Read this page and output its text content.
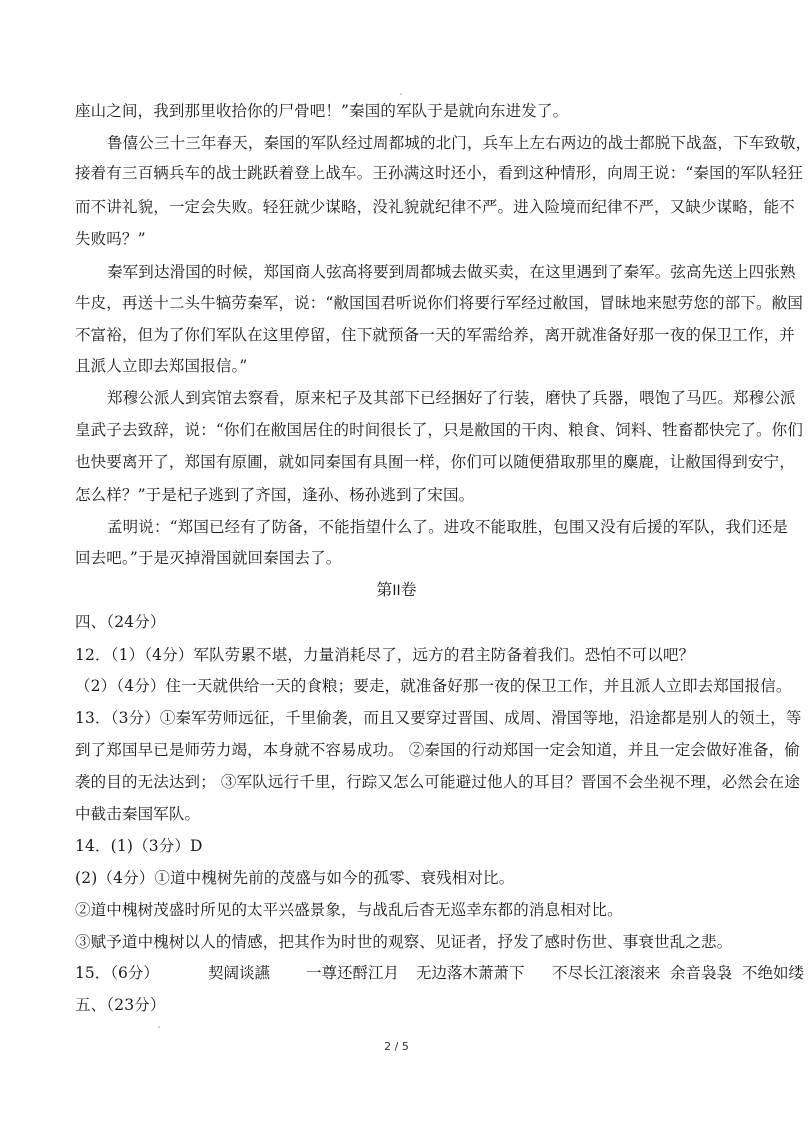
座山之间，我到那里收拾你的尸骨吧！”秦国的军队于是就向东进发了。
鲁僖公三十三年春天，秦国的军队经过周都城的北门，兵车上左右两边的战士都脱下战盔，下车致敬，
接着有三百辆兵车的战士跳跃着登上战车。王孙满这时还小，看到这种情形，向周王说：“秦国的军队轻狂
而不讲礼貌，一定会失败。轻狂就少谋略，没礼貌就纪律不严。进入险境而纪律不严，又缺少谋略，能不
失败吗？”
秦军到达滑国的时候，郑国商人弦高将要到周都城去做买卖，在这里遇到了秦军。弦高先送上四张熟
牛皮，再送十二头牛犒劳秦军，说：“敝国国君听说你们将要行军经过敝国，冒昧地来慰劳您的部下。敝国
不富裕，但为了你们军队在这里停留，住下就预备一天的军需给养，离开就准备好那一夜的保卫工作，并
且派人立即去郑国报信。”
郑穆公派人到宾馆去察看，原来杞子及其部下已经捆好了行装，磨快了兵器，喂饱了马匹。郑穆公派
皇武子去致辞，说：“你们在敝国居住的时间很长了，只是敝国的干肉、粮食、饲料、牲畜都快完了。你们
也快要离开了，郑国有原圃，就如同秦国有具囿一样，你们可以随便猎取那里的麋鹿，让敝国得到安宁，
怎么样？”于是杞子逃到了齐国，逢孙、杨孙逃到了宋国。
孟明说：“郑国已经有了防备，不能指望什么了。进攻不能取胜，包围又没有后援的军队，我们还是
回去吧。”于是灭掉滑国就回秦国去了。
第II卷
四、（24分）
12．（1）（4分）军队劳累不堪，力量消耗尽了，远方的君主防备着我们。恐怕不可以吧？
（2）（4分）住一天就供给一天的食粮；要走，就准备好那一夜的保卫工作，并且派人立即去郑国报信。
13．（3分）①秦军劳师远征，千里偷袭，而且又要穿过晋国、成周、滑国等地，沿途都是别人的领土，等
到了郑国早已是师劳力竭，本身就不容易成功。 ②秦国的行动郑国一定会知道，并且一定会做好准备，偷
袭的目的无法达到； ③军队远行千里，行踪又怎么可能避过他人的耳目？晋国不会坐视不理，必然会在途
中截击秦国军队。
14．(1)（3分）D
(2)（4分）①道中槐树先前的茂盛与如今的孤零、衰残相对比。
②道中槐树茂盛时所见的太平兴盛景象，与战乱后杳无巡幸东都的消息相对比。
③赋予道中槐树以人的情感，把其作为时世的观察、见证者，抒发了感时伤世、事衰世乱之悲。
15．（6分）	契阔谈讌 一尊还酹江月 无边落木萧萧下 不尽长江滚滚来 余音袅袅 不绝如缕
五、（23分）
2 / 5
